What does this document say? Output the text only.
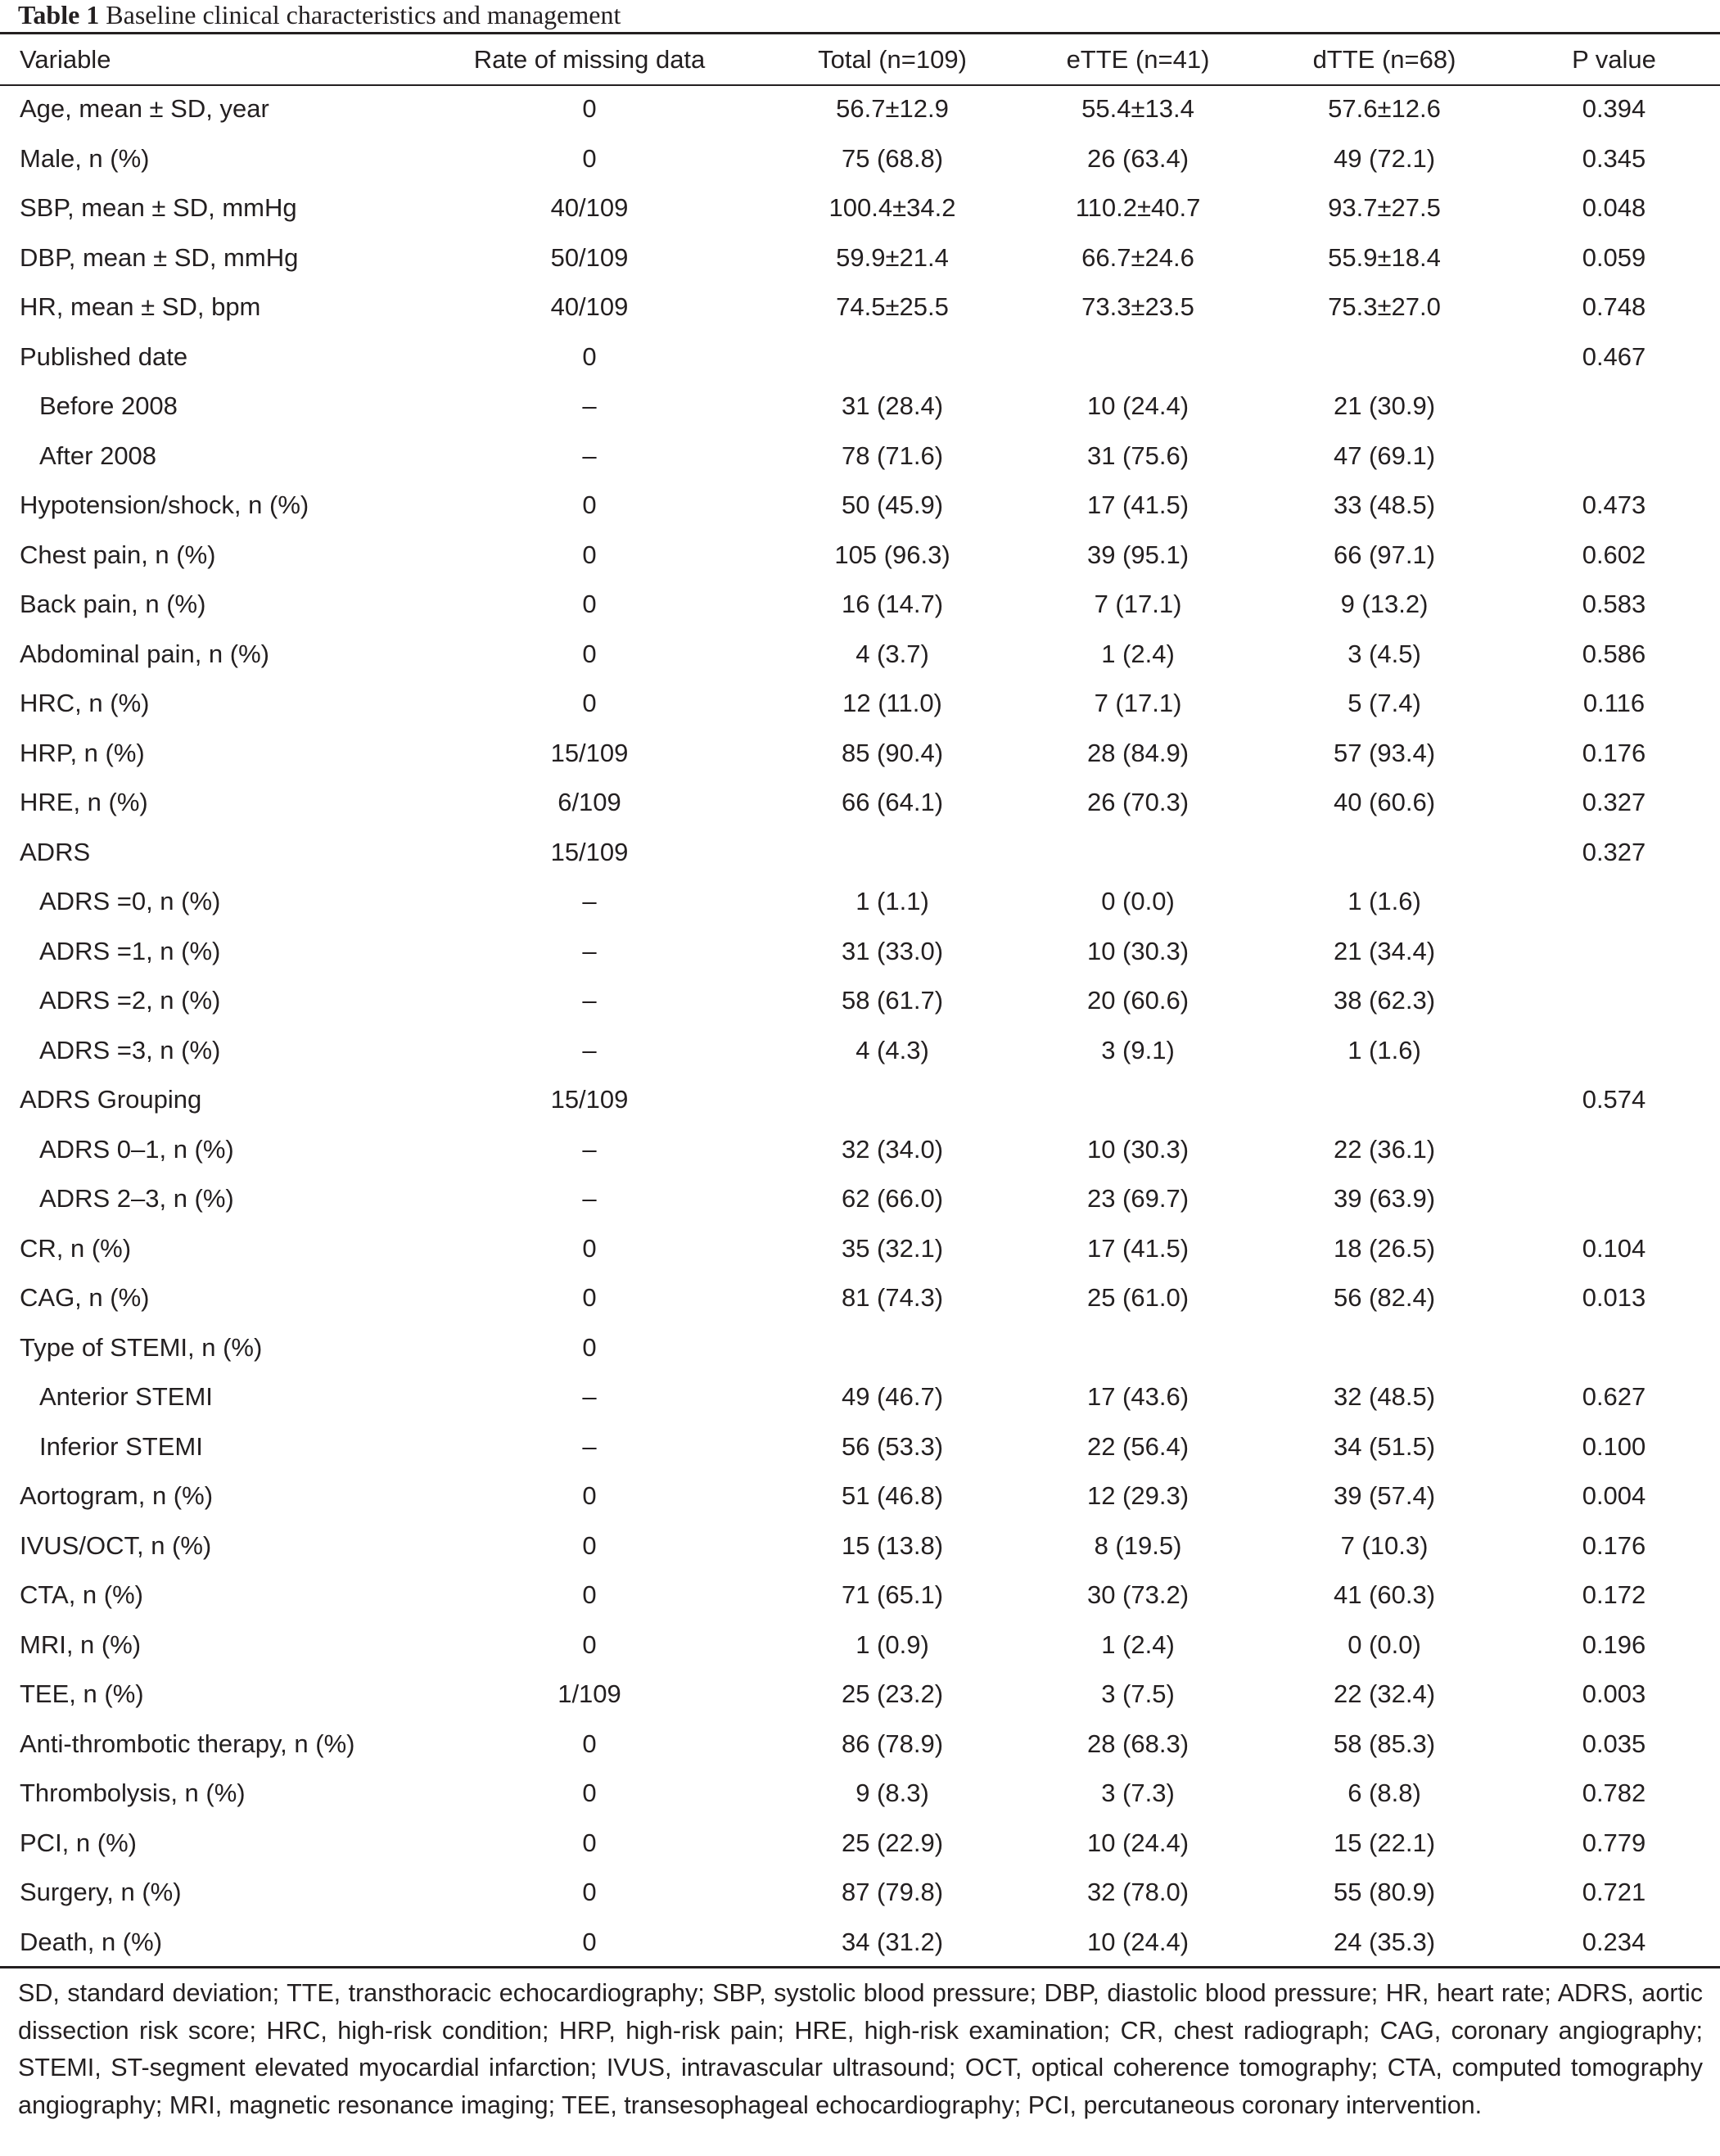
Table 1 Baseline clinical characteristics and management
Variable	Rate of missing data	Total (n=109)	eTTE (n=41)	dTTE (n=68)	P value
Age, mean ± SD, year	0	56.7±12.9	55.4±13.4	57.6±12.6	0.394
Male, n (%)	0	75 (68.8)	26 (63.4)	49 (72.1)	0.345
SBP, mean ± SD, mmHg	40/109	100.4±34.2	110.2±40.7	93.7±27.5	0.048
DBP, mean ± SD, mmHg	50/109	59.9±21.4	66.7±24.6	55.9±18.4	0.059
HR, mean ± SD, bpm	40/109	74.5±25.5	73.3±23.5	75.3±27.0	0.748
Published date	0				0.467
Before 2008	–	31 (28.4)	10 (24.4)	21 (30.9)	
After 2008	–	78 (71.6)	31 (75.6)	47 (69.1)	
Hypotension/shock, n (%)	0	50 (45.9)	17 (41.5)	33 (48.5)	0.473
Chest pain, n (%)	0	105 (96.3)	39 (95.1)	66 (97.1)	0.602
Back pain, n (%)	0	16 (14.7)	7 (17.1)	9 (13.2)	0.583
Abdominal pain, n (%)	0	4 (3.7)	1 (2.4)	3 (4.5)	0.586
HRC, n (%)	0	12 (11.0)	7 (17.1)	5 (7.4)	0.116
HRP, n (%)	15/109	85 (90.4)	28 (84.9)	57 (93.4)	0.176
HRE, n (%)	6/109	66 (64.1)	26 (70.3)	40 (60.6)	0.327
ADRS	15/109				0.327
ADRS =0, n (%)	–	1 (1.1)	0 (0.0)	1 (1.6)	
ADRS =1, n (%)	–	31 (33.0)	10 (30.3)	21 (34.4)	
ADRS =2, n (%)	–	58 (61.7)	20 (60.6)	38 (62.3)	
ADRS =3, n (%)	–	4 (4.3)	3 (9.1)	1 (1.6)	
ADRS Grouping	15/109				0.574
ADRS 0–1, n (%)	–	32 (34.0)	10 (30.3)	22 (36.1)	
ADRS 2–3, n (%)	–	62 (66.0)	23 (69.7)	39 (63.9)	
CR, n (%)	0	35 (32.1)	17 (41.5)	18 (26.5)	0.104
CAG, n (%)	0	81 (74.3)	25 (61.0)	56 (82.4)	0.013
Type of STEMI, n (%)	0				
Anterior STEMI	–	49 (46.7)	17 (43.6)	32 (48.5)	0.627
Inferior STEMI	–	56 (53.3)	22 (56.4)	34 (51.5)	0.100
Aortogram, n (%)	0	51 (46.8)	12 (29.3)	39 (57.4)	0.004
IVUS/OCT, n (%)	0	15 (13.8)	8 (19.5)	7 (10.3)	0.176
CTA, n (%)	0	71 (65.1)	30 (73.2)	41 (60.3)	0.172
MRI, n (%)	0	1 (0.9)	1 (2.4)	0 (0.0)	0.196
TEE, n (%)	1/109	25 (23.2)	3 (7.5)	22 (32.4)	0.003
Anti-thrombotic therapy, n (%)	0	86 (78.9)	28 (68.3)	58 (85.3)	0.035
Thrombolysis, n (%)	0	9 (8.3)	3 (7.3)	6 (8.8)	0.782
PCI, n (%)	0	25 (22.9)	10 (24.4)	15 (22.1)	0.779
Surgery, n (%)	0	87 (79.8)	32 (78.0)	55 (80.9)	0.721
Death, n (%)	0	34 (31.2)	10 (24.4)	24 (35.3)	0.234
SD, standard deviation; TTE, transthoracic echocardiography; SBP, systolic blood pressure; DBP, diastolic blood pressure; HR, heart rate; ADRS, aortic dissection risk score; HRC, high-risk condition; HRP, high-risk pain; HRE, high-risk examination; CR, chest radiograph; CAG, coronary angiography; STEMI, ST-segment elevated myocardial infarction; IVUS, intravascular ultrasound; OCT, optical coherence tomography; CTA, computed tomography angiography; MRI, magnetic resonance imaging; TEE, transesophageal echocardiography; PCI, percutaneous coronary intervention.
